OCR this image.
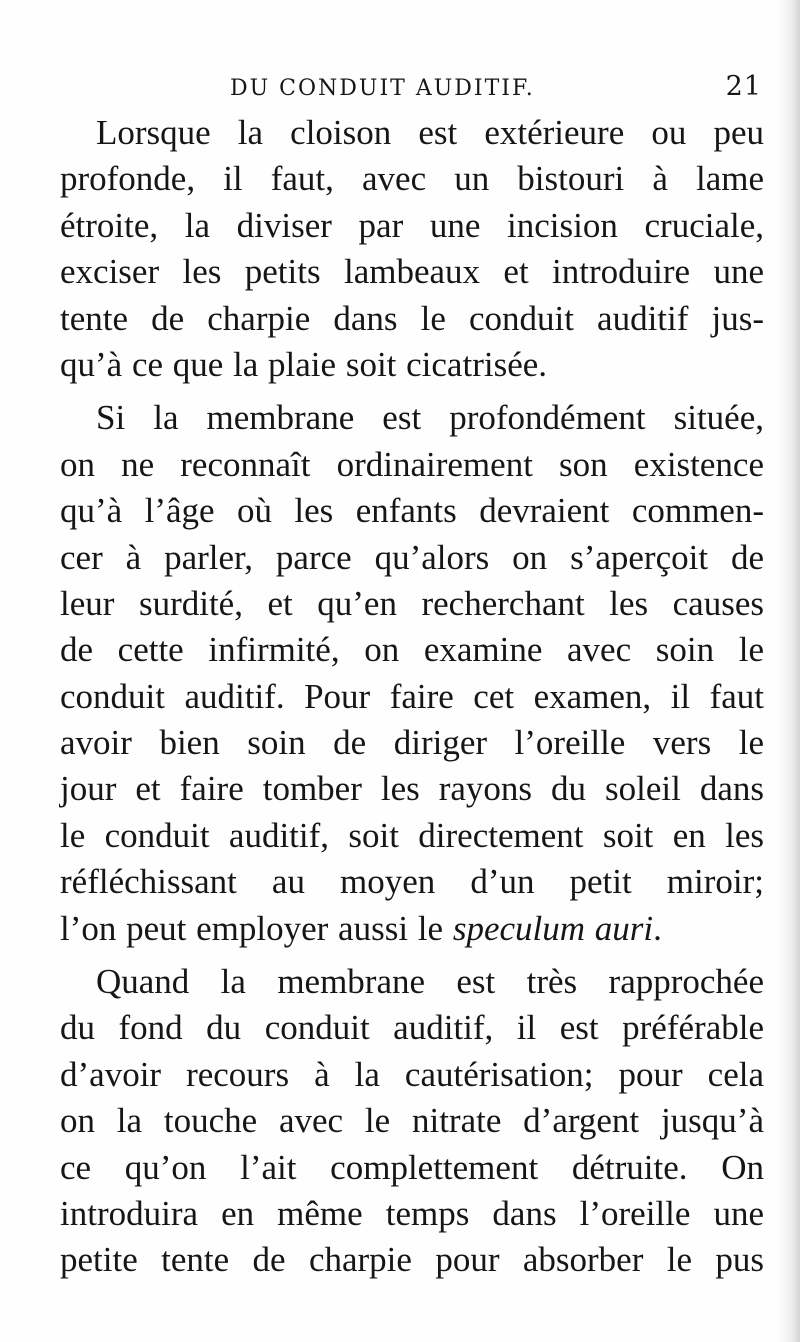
DU CONDUIT AUDITIF.	21
Lorsque la cloison est extérieure ou peu
profonde, il faut, avec un bistouri à lame
étroite, la diviser par une incision cruciale,
exciser les petits lambeaux et introduire une
tente de charpie dans le conduit auditif jus-
qu’à ce que la plaie soit cicatrisée.
Si la membrane est profondément située,
on ne reconnaît ordinairement son existence
qu’à l’âge où les enfants devraient commen-
cer à parler, parce qu’alors on s’aperçoit de
leur surdité, et qu’en recherchant les causes
de cette infirmité, on examine avec soin le
conduit auditif. Pour faire cet examen, il faut
avoir bien soin de diriger l’oreille vers le
jour et faire tomber les rayons du soleil dans
le conduit auditif, soit directement soit en les
réfléchissant au moyen d’un petit miroir;
l’on peut employer aussi le speculum auri.
Quand la membrane est très rapprochée
du fond du conduit auditif, il est préférable
d’avoir recours à la cautérisation; pour cela
on la touche avec le nitrate d’argent jusqu’à
ce qu’on l’ait complettement détruite. On
introduira en même temps dans l’oreille une
petite tente de charpie pour absorber le pus
